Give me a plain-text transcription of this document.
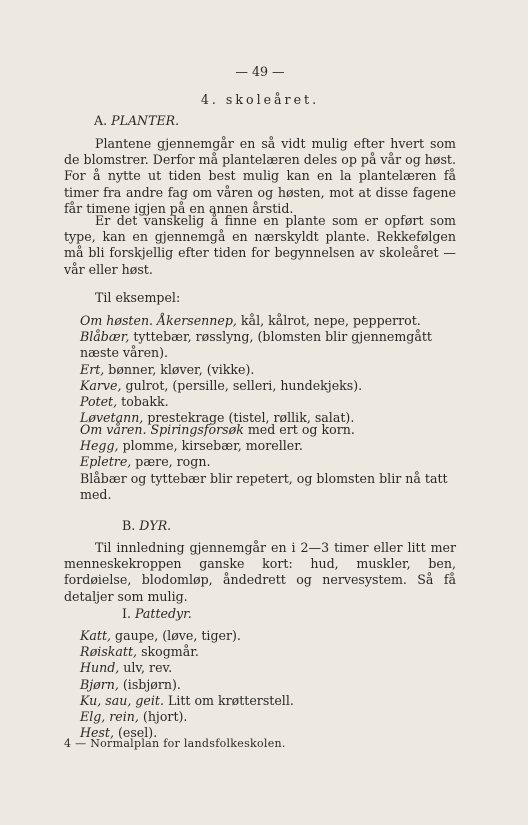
— 49 —
4. skoleåret.
A. PLANTER.

Plantene gjennemgår en så vidt mulig efter hvert som de blomstrer. Derfor må plantelæren deles op på vår og høst. For å nytte ut tiden best mulig kan en la plantelæren få timer fra andre fag om våren og høsten, mot at disse fagene får timene igjen på en annen årstid.

Er det vanskelig å finne en plante som er opført som type, kan en gjennemgå en nærskyldt plante. Rekkefølgen må bli forskjellig efter tiden for begynnelsen av skoleåret — vår eller høst.

Til eksempel:

Om høsten. Åkersennep, kål, kålrot, nepe, pepperrot.

Blåbær, tyttebær, røsslyng, (blomsten blir gjennemgått næste våren).

Ert, bønner, kløver, (vikke).

Karve, gulrot, (persille, selleri, hundekjeks).

Potet, tobakk.

Løvetann, prestekrage (tistel, røllik, salat).

Om våren. Spiringsforsøk med ert og korn.

Hegg, plomme, kirsebær, moreller.

Epletre, pære, rogn.

Blåbær og tyttebær blir repetert, og blomsten blir nå tatt med.

B. DYR.

Til innledning gjennemgår en i 2—3 timer eller litt mer menneskekroppen ganske kort: hud, muskler, ben, fordøielse, blodomløp, åndedrett og nervesystem. Så få detaljer som mulig.

I. Pattedyr.

Katt, gaupe, (løve, tiger).

Røiskatt, skogmår.

Hund, ulv, rev.

Bjørn, (isbjørn).

Ku, sau, geit. Litt om krøtterstell.

Elg, rein, (hjort).

Hest, (esel).

4 — Normalplan for landsfolkeskolen.
